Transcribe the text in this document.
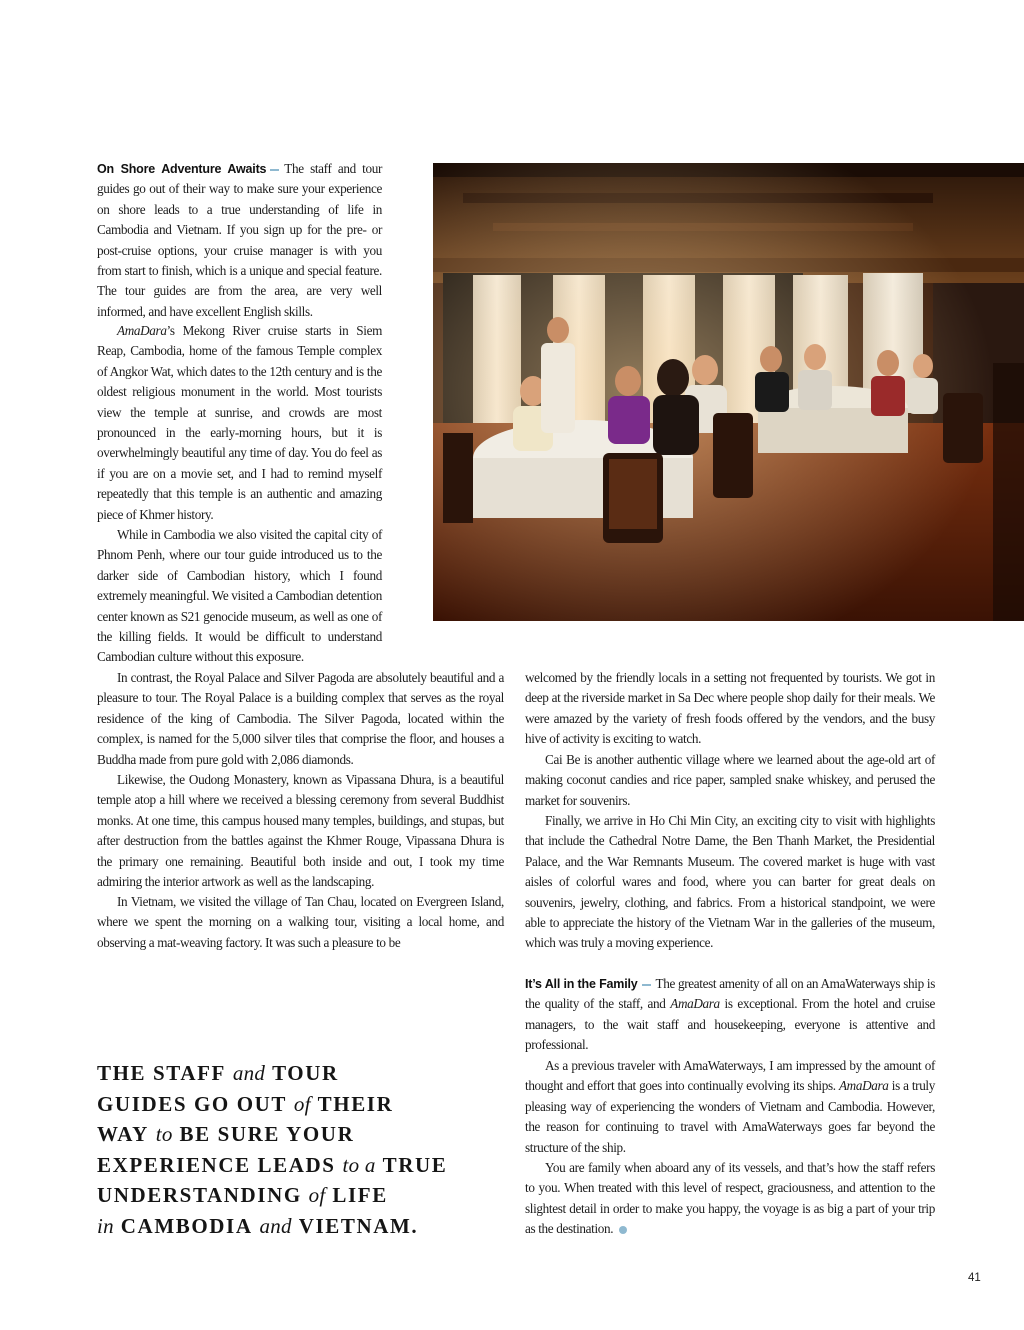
On Shore Adventure Awaits The staff and tour guides go out of their way to make sure your experience on shore leads to a true understanding of life in Cambodia and Vietnam. If you sign up for the pre- or post-cruise options, your cruise manager is with you from start to finish, which is a unique and special feature. The tour guides are from the area, are very well informed, and have excellent English skills.

AmaDara’s Mekong River cruise starts in Siem Reap, Cambodia, home of the famous Temple complex of Angkor Wat, which dates to the 12th century and is the oldest religious monument in the world. Most tourists view the temple at sunrise, and crowds are most pronounced in the early-morning hours, but it is overwhelmingly beautiful any time of day. You do feel as if you are on a movie set, and I had to remind myself repeatedly that this temple is an authentic and amazing piece of Khmer history.

While in Cambodia we also visited the capital city of Phnom Penh, where our tour guide introduced us to the darker side of Cambodian history, which I found extremely meaningful. We visited a Cambodian detention center known as S21 genocide museum, as well as one of the killing fields. It would be difficult to understand Cambodian culture without this exposure.

In contrast, the Royal Palace and Silver Pagoda are absolutely beautiful and a pleasure to tour. The Royal Palace is a building complex that serves as the royal residence of the king of Cambodia. The Silver Pagoda, located within the complex, is named for the 5,000 silver tiles that comprise the floor, and houses a Buddha made from pure gold with 2,086 diamonds.

Likewise, the Oudong Monastery, known as Vipassana Dhura, is a beautiful temple atop a hill where we received a blessing ceremony from several Buddhist monks. At one time, this campus housed many temples, buildings, and stupas, but after destruction from the battles against the Khmer Rouge, Vipassana Dhura is the primary one remaining. Beautiful both inside and out, I took my time admiring the interior artwork as well as the landscaping.

In Vietnam, we visited the village of Tan Chau, located on Evergreen Island, where we spent the morning on a walking tour, visiting a local home, and observing a mat-weaving factory. It was such a pleasure to be

welcomed by the friendly locals in a setting not frequented by tourists. We got in deep at the riverside market in Sa Dec where people shop daily for their meals. We were amazed by the variety of fresh foods offered by the vendors, and the busy hive of activity is exciting to watch.

Cai Be is another authentic village where we learned about the age-old art of making coconut candies and rice paper, sampled snake whiskey, and perused the market for souvenirs.

Finally, we arrive in Ho Chi Min City, an exciting city to visit with highlights that include the Cathedral Notre Dame, the Ben Thanh Market, the Presidential Palace, and the War Remnants Museum. The covered market is huge with vast aisles of colorful wares and food, where you can barter for great deals on souvenirs, jewelry, clothing, and fabrics. From a historical standpoint, we were able to appreciate the history of the Vietnam War in the galleries of the museum, which was truly a moving experience.

It’s All in the Family The greatest amenity of all on an AmaWaterways ship is the quality of the staff, and AmaDara is exceptional. From the hotel and cruise managers, to the wait staff and housekeeping, everyone is attentive and professional.

As a previous traveler with AmaWaterways, I am impressed by the amount of thought and effort that goes into continually evolving its ships. AmaDara is a truly pleasing way of experiencing the wonders of Vietnam and Cambodia. However, the reason for continuing to travel with AmaWaterways goes far beyond the structure of the ship.

You are family when aboard any of its vessels, and that’s how the staff refers to you. When treated with this level of respect, graciousness, and attention to the slightest detail in order to make you happy, the voyage is as big a part of your trip as the destination.

THE STAFF and TOUR
GUIDES GO OUT of THEIR
WAY to BE SURE YOUR
EXPERIENCE LEADS to a TRUE
UNDERSTANDING of LIFE
in CAMBODIA and VIETNAM.

41
